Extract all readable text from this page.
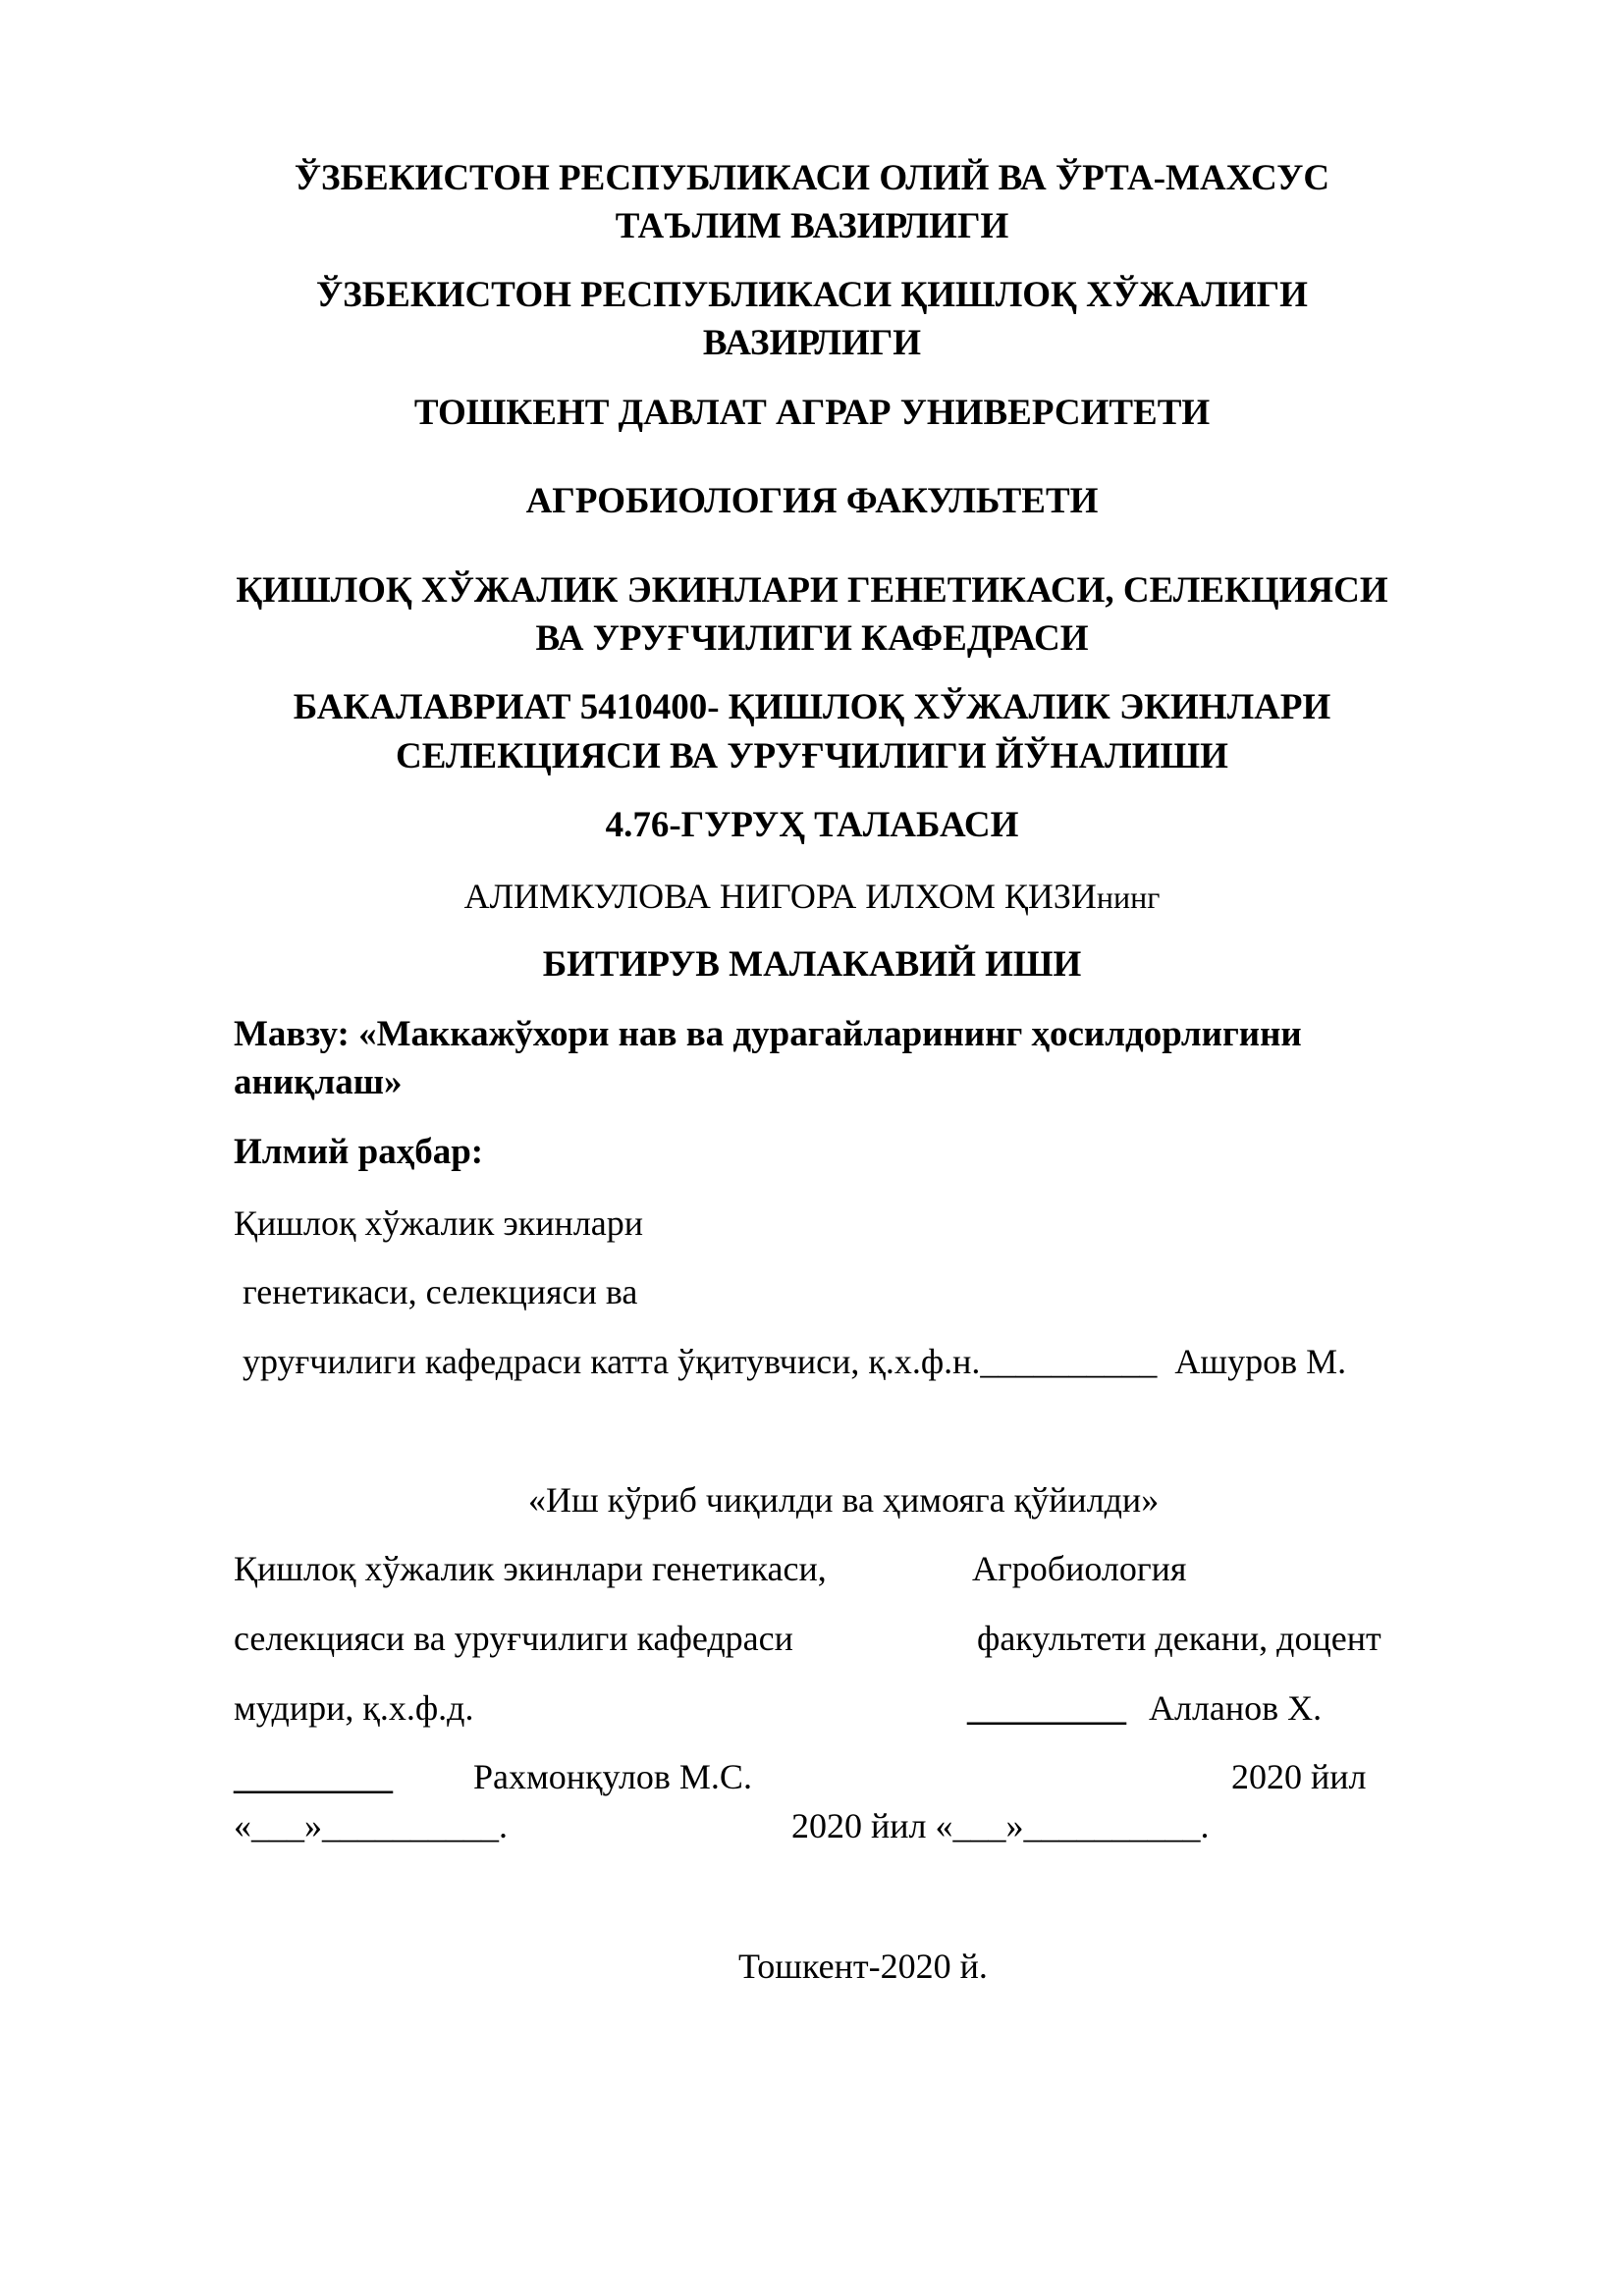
ЎЗБЕКИСТОН РЕСПУБЛИКАСИ ОЛИЙ ВА ЎРТА-МАХСУС
ТАЪЛИМ ВАЗИРЛИГИ
ЎЗБЕКИСТОН РЕСПУБЛИКАСИ ҚИШЛОҚ ХЎЖАЛИГИ
ВАЗИРЛИГИ
ТОШКЕНТ ДАВЛАТ АГРАР УНИВЕРСИТЕТИ
АГРОБИОЛОГИЯ ФАКУЛЬТЕТИ
ҚИШЛОҚ ХЎЖАЛИК ЭКИНЛАРИ ГЕНЕТИКАСИ, СЕЛЕКЦИЯСИ
ВА УРУҒЧИЛИГИ КАФЕДРАСИ
БАКАЛАВРИАТ 5410400- ҚИШЛОҚ ХЎЖАЛИК ЭКИНЛАРИ
СЕЛЕКЦИЯСИ ВА УРУҒЧИЛИГИ ЙЎНАЛИШИ
4.76-ГУРУҲ ТАЛАБАСИ
АЛИМКУЛОВА НИГОРА ИЛХОМ ҚИЗИнинг
БИТИРУВ МАЛАКАВИЙ ИШИ
Мавзу: «Маккажўхори нав ва дурагайларининг ҳосилдорлигини
аниқлаш»
Илмий раҳбар:
Қишлоқ хўжалик экинлари
генетикаси, селекцияси ва
уруғчилиги кафедраси катта ўқитувчиси, қ.х.ф.н.__________  Ашуров М.
«Иш кўриб чиқилди ва ҳимояга қўйилди»
Қишлоқ хўжалик экинлари генетикаси,	Агробиология
селекцияси ва уруғчилиги кафедраси	факультети декани, доцент
мудири, қ.х.ф.д.	_________ Алланов Х.
_________ Рахмонқулов М.С.	2020 йил
«___»__________.	2020 йил «___»__________.
Тошкент-2020 й.
